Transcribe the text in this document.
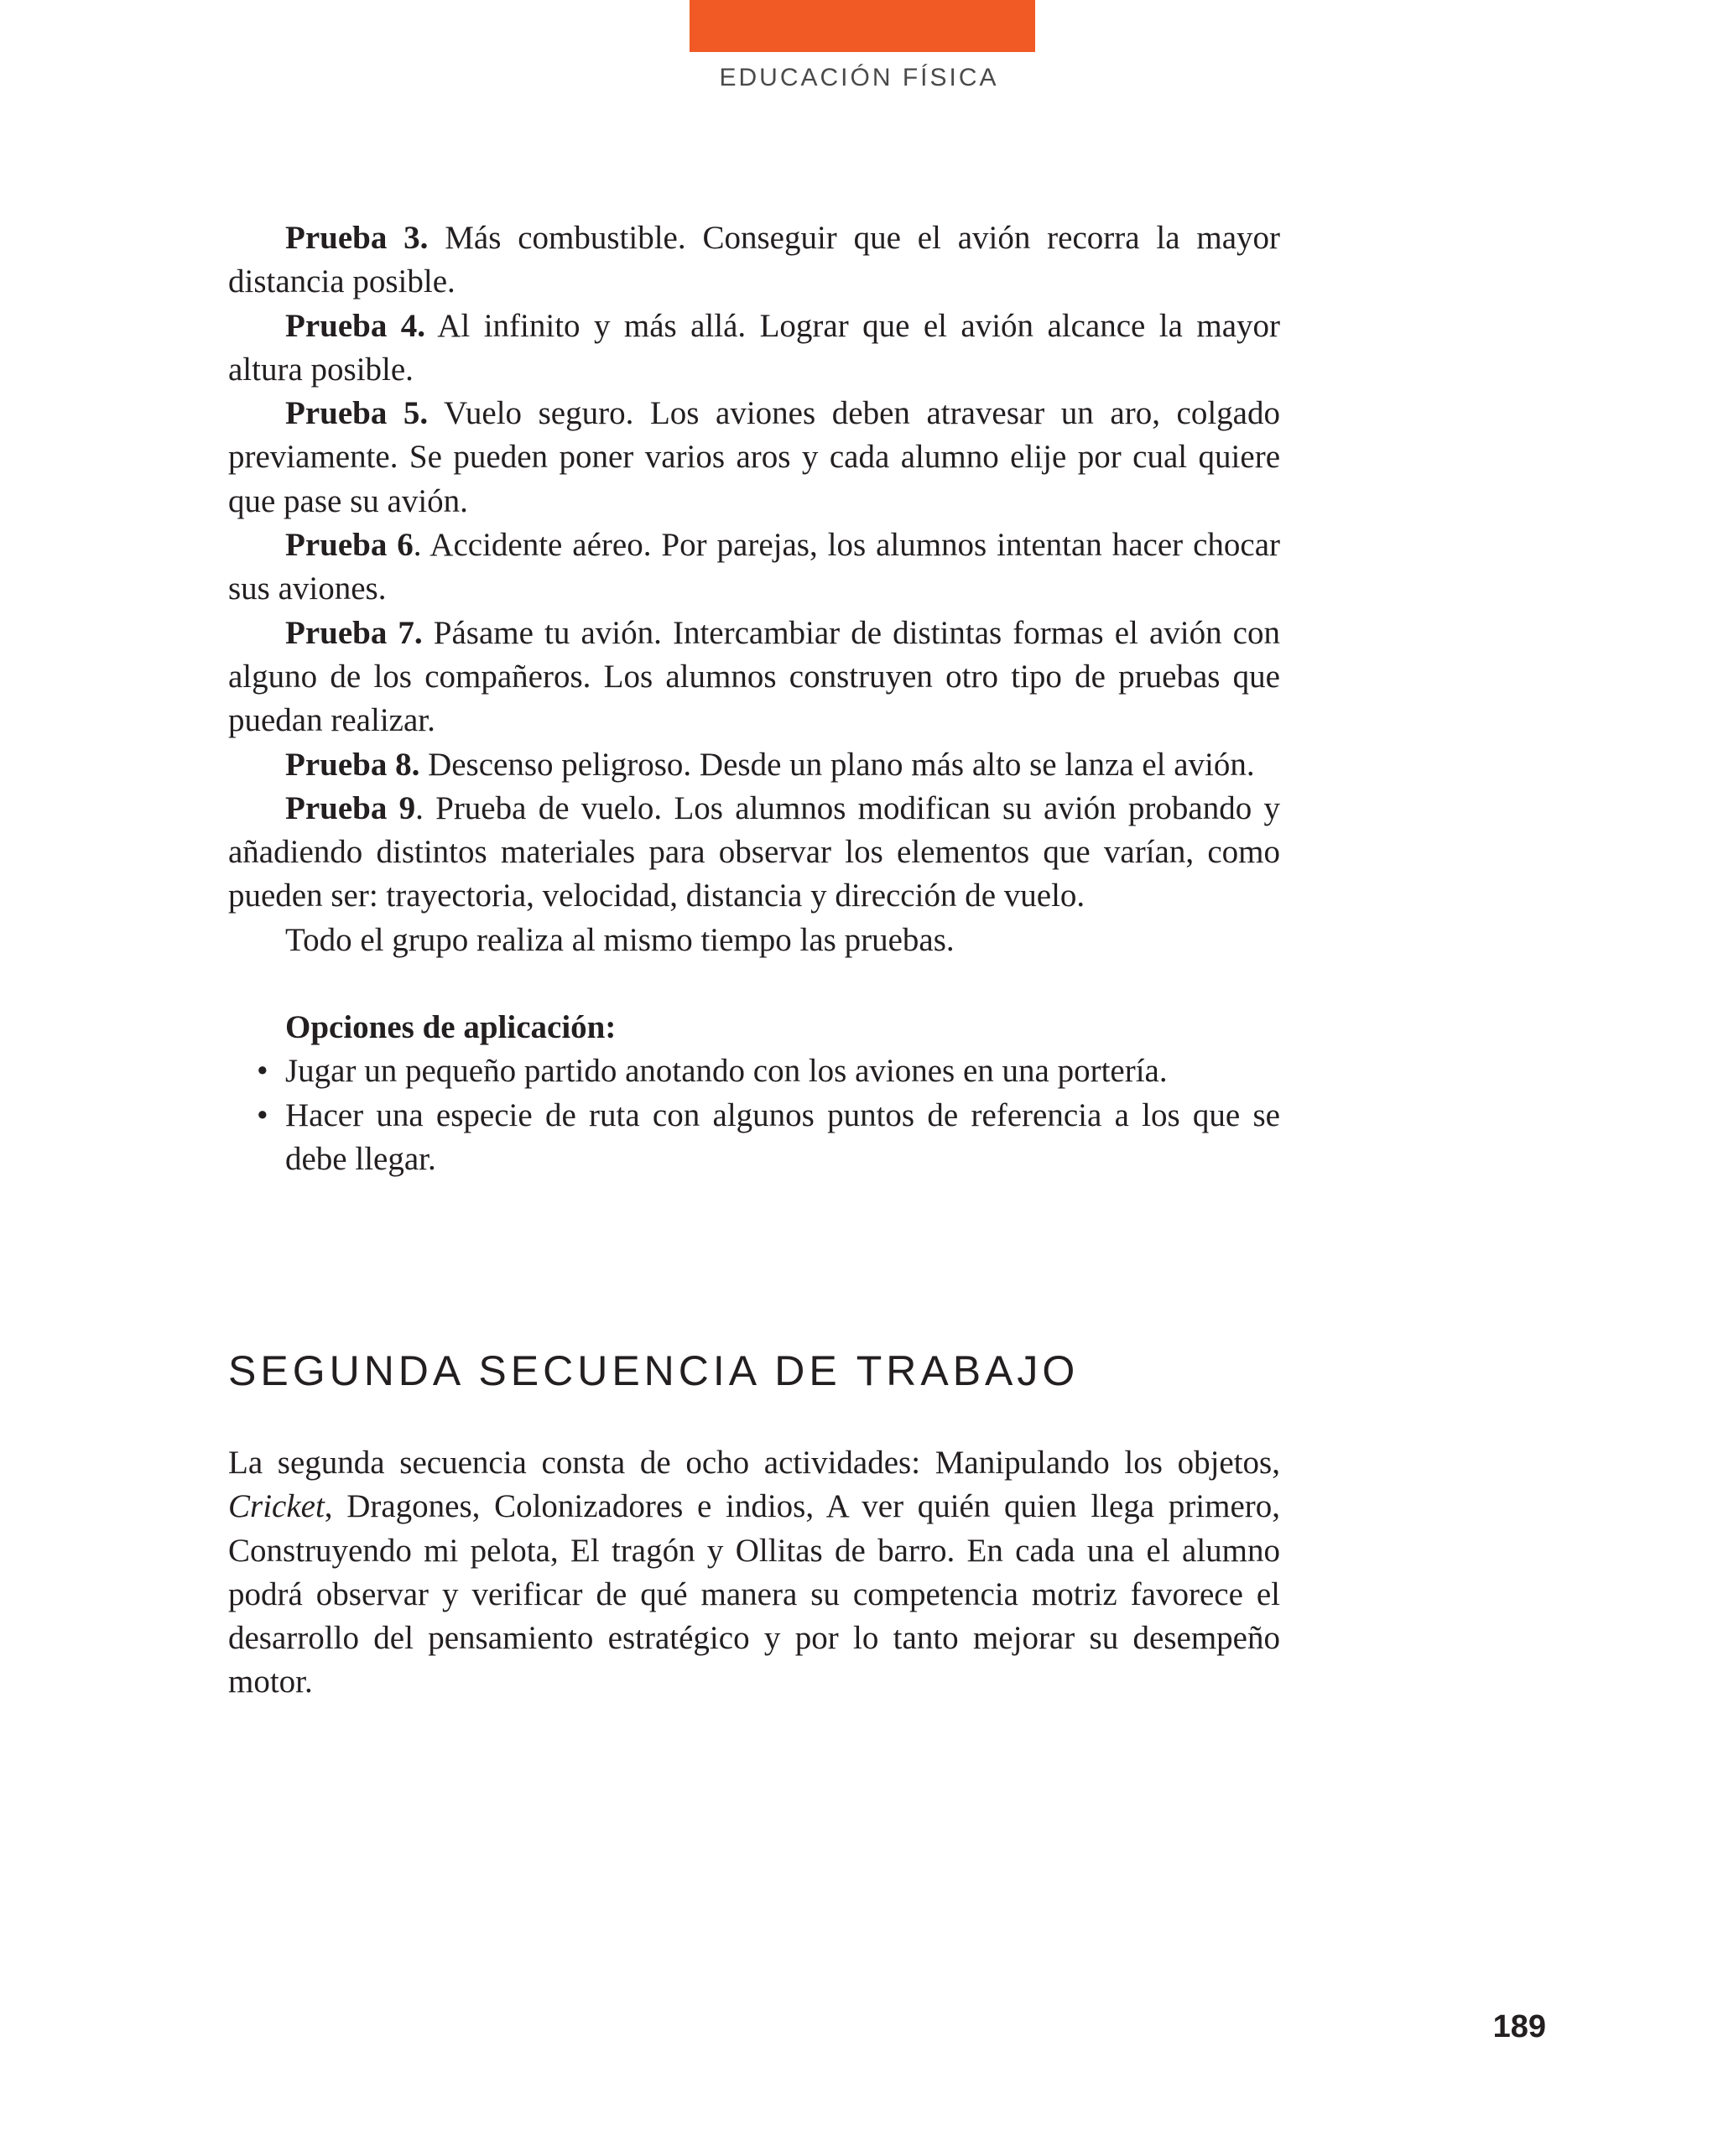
EDUCACIÓN FÍSICA

Prueba 3. Más combustible. Conseguir que el avión recorra la mayor distancia posible.

Prueba 4. Al infinito y más allá. Lograr que el avión alcance la mayor altura posible.

Prueba 5. Vuelo seguro. Los aviones deben atravesar un aro, colgado previamente. Se pueden poner varios aros y cada alumno elije por cual quiere que pase su avión.

Prueba 6. Accidente aéreo. Por parejas, los alumnos intentan hacer chocar sus aviones.

Prueba 7. Pásame tu avión. Intercambiar de distintas formas el avión con alguno de los compañeros. Los alumnos construyen otro tipo de pruebas que puedan realizar.

Prueba 8. Descenso peligroso. Desde un plano más alto se lanza el avión.

Prueba 9. Prueba de vuelo. Los alumnos modifican su avión probando y añadiendo distintos materiales para observar los elementos que varían, como pueden ser: trayectoria, velocidad, distancia y dirección de vuelo.

Todo el grupo realiza al mismo tiempo las pruebas.

Opciones de aplicación:

• Jugar un pequeño partido anotando con los aviones en una portería.
• Hacer una especie de ruta con algunos puntos de referencia a los que se debe llegar.
SEGUNDA SECUENCIA DE TRABAJO

La segunda secuencia consta de ocho actividades: Manipulando los objetos, Cricket, Dragones, Colonizadores e indios, A ver quién quien llega primero, Construyendo mi pelota, El tragón y Ollitas de barro. En cada una el alumno podrá observar y verificar de qué manera su competencia motriz favorece el desarrollo del pensamiento estratégico y por lo tanto mejorar su desempeño motor.

189
